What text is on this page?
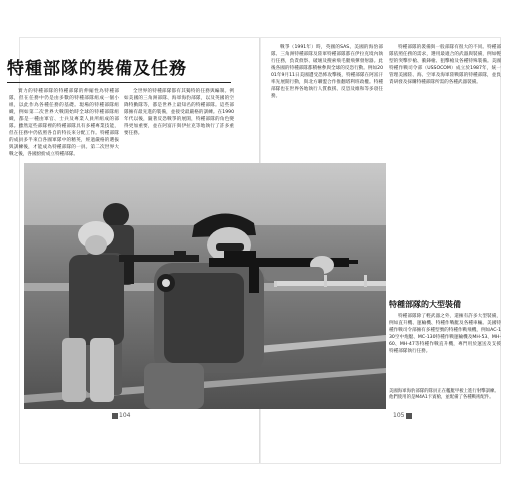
特種部隊的裝備及任務

實力的特種部隊的特種部隊的伸縮性為特種部隊，但在任務中仍是由多數的特種部隊組成一個小組，以此作為各種任務的基礎。現場的特種部隊組織，例如第二次世界大戰開始時全球的特種部隊組織，都是一種由軍官、士兵及專業人員所組成的部隊。雖然這些部隊裡的特種部隊具有多種專業技能，但在任務中仍依照各自的特長來分配工作。特種部隊的成員多半來自各國軍隊中的精英，經過嚴格的選拔與訓練後，才能成為特種部隊的一員。第二次世界大戰之後，各國紛紛成立特種部隊。

全世界的特種部隊都有其獨特的任務與編制。例如美國的三角洲部隊、海軍海豹部隊，以及英國的空降特勤隊等，都是世界上最知名的特種部隊。這些部隊擁有最先進的裝備，並接受最嚴格的訓練。在1990年代以後，隨著反恐戰爭的展開，特種部隊的角色變得更加重要，並在阿富汗與伊拉克等地執行了許多重要任務。

戰爭（1991年）時，英國的SAS、美國的海豹部隊、三角洲特種部隊及陸軍特種部隊都在伊拉克境內執行任務，負責偵察、破壞及搜索飛毛腿飛彈發射器。此後各國的特種部隊都積極參與全球的反恐行動。例如2001年9月11日美國遭受恐怖攻擊後，特種部隊在阿富汗率先展開行動，與北方聯盟合作推翻塔利班政權。特種部隊也在世界各地執行人質救援、反恐及維和等多項任務。

特種部隊的裝備與一般部隊有很大的不同。特種部隊依照任務的需求，選用最適合的武器與裝備，例如輕型的突擊步槍、衝鋒槍、狙擊槍及各種特殊裝備。美國特種作戰司令部（USSOCOM）成立於1987年，統一管理美國陸、海、空軍及海軍陸戰隊的特種部隊，並負責研發及採購特種部隊所需的各種武器裝備。

特種部隊的大型裝備

特種部隊除了輕武器之外，還擁有許多大型裝備，例如直升機、運輸機、特種作戰艇及各種車輛。美國特種作戰司令部擁有多種型號的特種作戰飛機，例如AC-130空中炮艇、MC-130特種作戰運輸機及MH-53、MH-60、MH-47等特種作戰直升機，專門用於運送及支援特種部隊執行任務。

美國海軍海豹部隊的隊員正在艦艇甲板上進行射擊訓練。他們使用的是M4A1卡賓槍，並配備了各種戰術配件。
104	105
